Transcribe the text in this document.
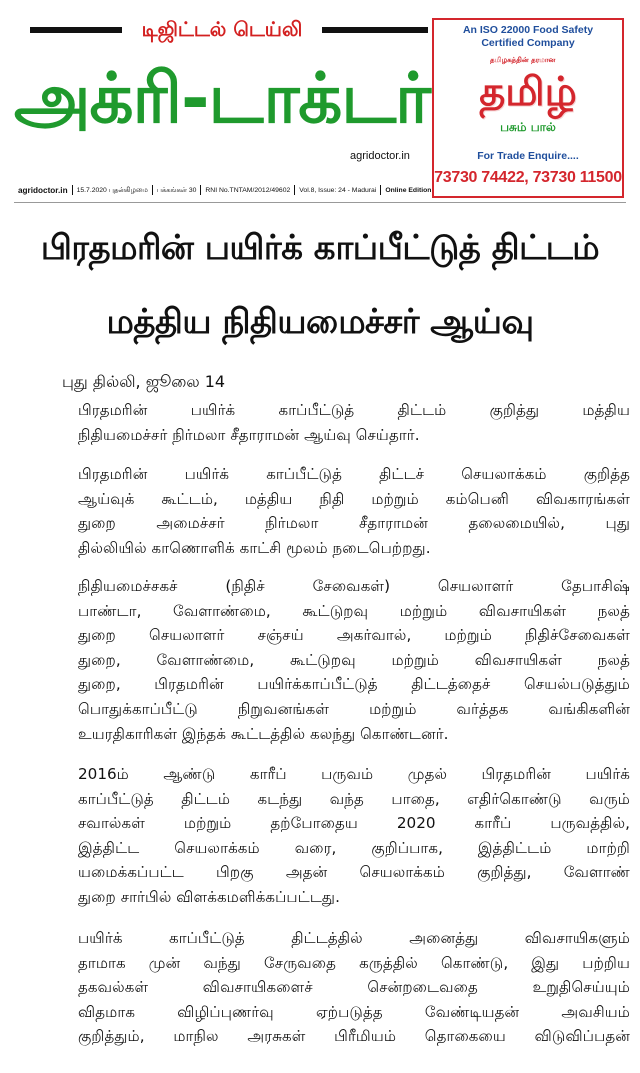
டிஜிட்டல் டெய்லி
அக்ரி-டாக்டர்
agridoctor.in
agridoctor.in 15.7.2020 புதன்கிழமை பக்கங்கள் 30 RNI No.TNTAM/2012/49602 Vol.8, Issue: 24 - Madurai Online Edition
An ISO 22000 Food Safety
Certified Company
தமிழகத்தின் தரமான
தமிழ்
பசும் பால்
For Trade Enquire....
73730 74422, 73730 11500
பிரதமரின் பயிர்க் காப்பீட்டுத் திட்டம்
மத்திய நிதியமைச்சர் ஆய்வு
புது தில்லி, ஜூலை 14
பிரதமரின் பயிர்க் காப்பீட்டுத் திட்டம் குறித்து மத்திய
நிதியமைச்சர் நிர்மலா சீதாராமன் ஆய்வு செய்தார்.
பிரதமரின் பயிர்க் காப்பீட்டுத் திட்டச் செயலாக்கம் குறித்த
ஆய்வுக் கூட்டம், மத்திய நிதி மற்றும் கம்பெனி விவகாரங்கள்
துறை அமைச்சர் நிர்மலா சீதாராமன் தலைமையில், புது
தில்லியில் காணொளிக் காட்சி மூலம் நடைபெற்றது.
நிதியமைச்சகச் (நிதிச் சேவைகள்) செயலாளர் தேபாசிஷ்
பாண்டா, வேளாண்மை, கூட்டுறவு மற்றும் விவசாயிகள் நலத்
துறை செயலாளர் சஞ்சய் அகர்வால், மற்றும் நிதிச்சேவைகள்
துறை, வேளாண்மை, கூட்டுறவு மற்றும் விவசாயிகள் நலத்
துறை, பிரதமரின் பயிர்க்காப்பீட்டுத் திட்டத்தைச் செயல்படுத்தும்
பொதுக்காப்பீட்டு நிறுவனங்கள் மற்றும் வர்த்தக வங்கிகளின்
உயரதிகாரிகள் இந்தக் கூட்டத்தில் கலந்து கொண்டனர்.
2016ம் ஆண்டு காரீப் பருவம் முதல் பிரதமரின் பயிர்க்
காப்பீட்டுத் திட்டம் கடந்து வந்த பாதை, எதிர்கொண்டு வரும்
சவால்கள் மற்றும் தற்போதைய 2020 காரீப் பருவத்தில்,
இத்திட்ட செயலாக்கம் வரை, குறிப்பாக, இத்திட்டம் மாற்றி
யமைக்கப்பட்ட பிறகு அதன் செயலாக்கம் குறித்து, வேளாண்
துறை சார்பில் விளக்கமளிக்கப்பட்டது.
பயிர்க் காப்பீட்டுத் திட்டத்தில் அனைத்து விவசாயிகளும்
தாமாக முன் வந்து சேருவதை கருத்தில் கொண்டு, இது பற்றிய
தகவல்கள் விவசாயிகளைச் சென்றடைவதை உறுதிசெய்யும்
விதமாக விழிப்புணர்வு ஏற்படுத்த வேண்டியதன் அவசியம்
குறித்தும், மாநில அரசுகள் பிரீமியம் தொகையை விடுவிப்பதன்
